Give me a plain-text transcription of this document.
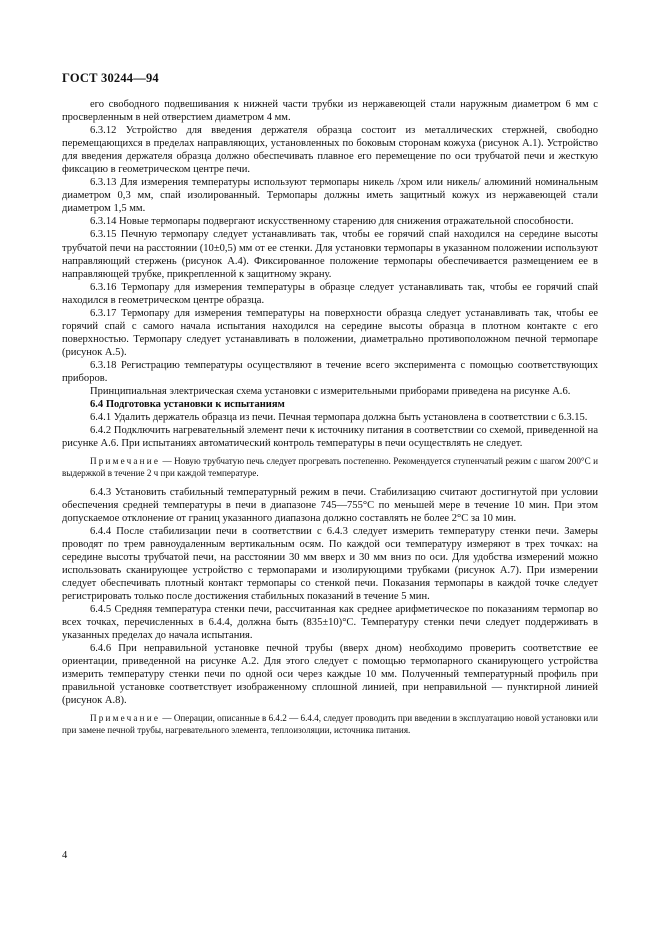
ГОСТ 30244—94

его свободного подвешивания к нижней части трубки из нержавеющей стали наружным диаметром 6 мм с просверленным в ней отверстием диаметром 4 мм.

6.3.12 Устройство для введения держателя образца состоит из металлических стержней, свободно перемещающихся в пределах направляющих, установленных по боковым сторонам кожуха (рисунок А.1). Устройство для введения держателя образца должно обеспечивать плавное его перемещение по оси трубчатой печи и жесткую фиксацию в геометрическом центре печи.

6.3.13 Для измерения температуры используют термопары никель /хром или никель/ алюминий номинальным диаметром 0,3 мм, спай изолированный. Термопары должны иметь защитный кожух из нержавеющей стали диаметром 1,5 мм.

6.3.14 Новые термопары подвергают искусственному старению для снижения отражательной способности.

6.3.15 Печную термопару следует устанавливать так, чтобы ее горячий спай находился на середине высоты трубчатой печи на расстоянии (10±0,5) мм от ее стенки. Для установки термопары в указанном положении используют направляющий стержень (рисунок А.4). Фиксированное положение термопары обеспечивается размещением ее в направляющей трубке, прикрепленной к защитному экрану.

6.3.16 Термопару для измерения температуры в образце следует устанавливать так, чтобы ее горячий спай находился в геометрическом центре образца.

6.3.17 Термопару для измерения температуры на поверхности образца следует устанавливать так, чтобы ее горячий спай с самого начала испытания находился на середине высоты образца в плотном контакте с его поверхностью. Термопару следует устанавливать в положении, диаметрально противоположном печной термопаре (рисунок А.5).

6.3.18 Регистрацию температуры осуществляют в течение всего эксперимента с помощью соответствующих приборов.

Принципиальная электрическая схема установки с измерительными приборами приведена на рисунке А.6.

6.4 Подготовка установки к испытаниям

6.4.1 Удалить держатель образца из печи. Печная термопара должна быть установлена в соответствии с 6.3.15.

6.4.2 Подключить нагревательный элемент печи к источнику питания в соответствии со схемой, приведенной на рисунке А.6. При испытаниях автоматический контроль температуры в печи осуществлять не следует.

Примечание — Новую трубчатую печь следует прогревать постепенно. Рекомендуется ступенчатый режим с шагом 200°С и выдержкой в течение 2 ч при каждой температуре.

6.4.3 Установить стабильный температурный режим в печи. Стабилизацию считают достигнутой при условии обеспечения средней температуры в печи в диапазоне 745—755°С по меньшей мере в течение 10 мин. При этом допускаемое отклонение от границ указанного диапазона должно составлять не более 2°С за 10 мин.

6.4.4 После стабилизации печи в соответствии с 6.4.3 следует измерить температуру стенки печи. Замеры проводят по трем равноудаленным вертикальным осям. По каждой оси температуру измеряют в трех точках: на середине высоты трубчатой печи, на расстоянии 30 мм вверх и 30 мм вниз по оси. Для удобства измерений можно использовать сканирующее устройство с термопарами и изолирующими трубками (рисунок А.7). При измерении следует обеспечивать плотный контакт термопары со стенкой печи. Показания термопары в каждой точке следует регистрировать только после достижения стабильных показаний в течение 5 мин.

6.4.5 Средняя температура стенки печи, рассчитанная как среднее арифметическое по показаниям термопар во всех точках, перечисленных в 6.4.4, должна быть (835±10)°С. Температуру стенки печи следует поддерживать в указанных пределах до начала испытания.

6.4.6 При неправильной установке печной трубы (вверх дном) необходимо проверить соответствие ее ориентации, приведенной на рисунке А.2. Для этого следует с помощью термопарного сканирующего устройства измерить температуру стенки печи по одной оси через каждые 10 мм. Полученный температурный профиль при правильной установке соответствует изображенному сплошной линией, при неправильной — пунктирной линией (рисунок А.8).

Примечание — Операции, описанные в 6.4.2 — 6.4.4, следует проводить при введении в эксплуатацию новой установки или при замене печной трубы, нагревательного элемента, теплоизоляции, источника питания.

4
